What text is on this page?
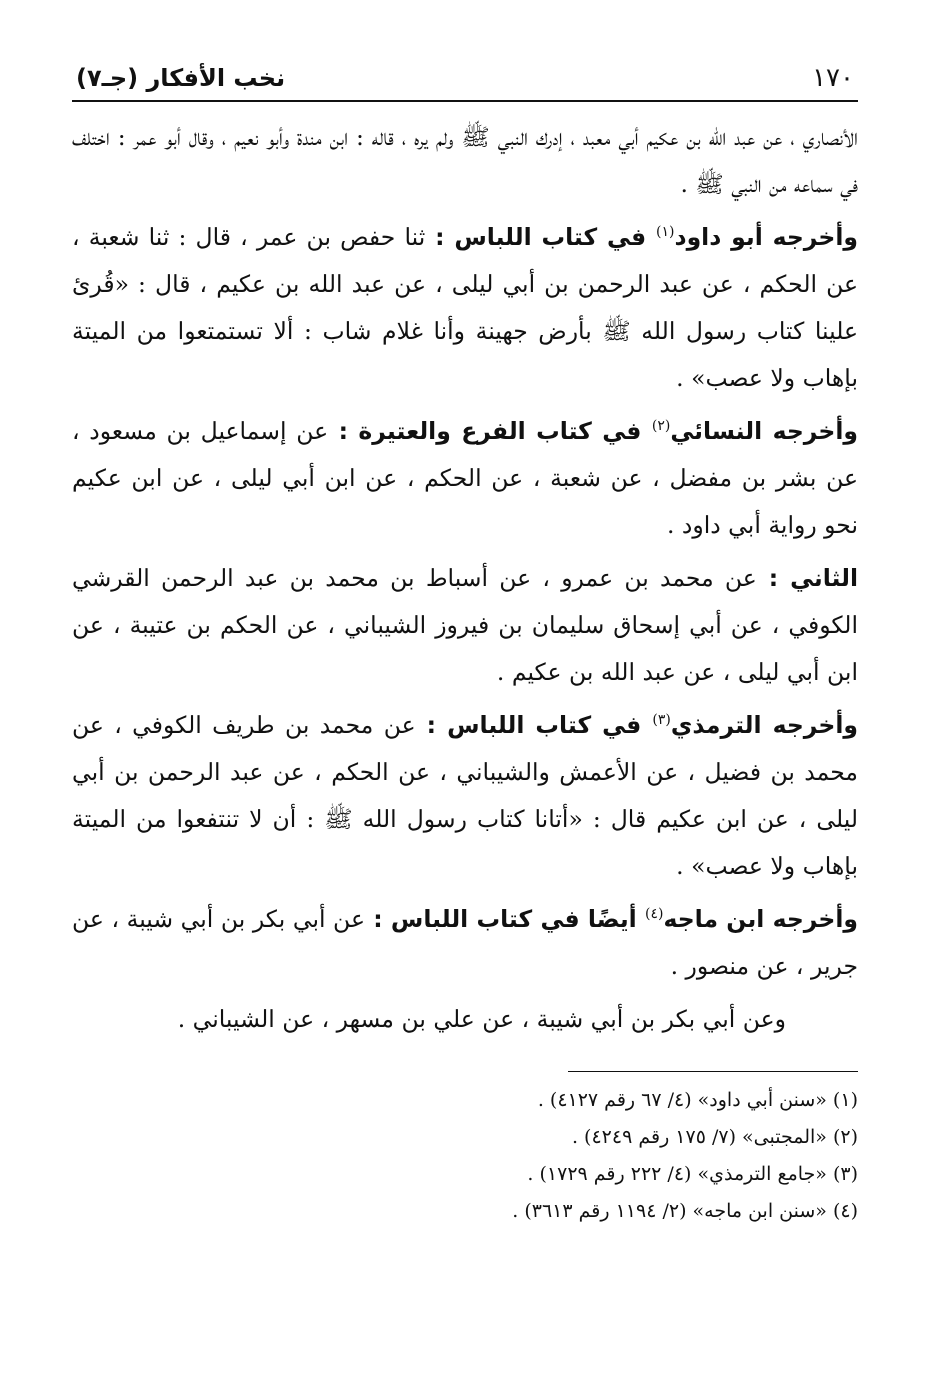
١٧٠
نخب الأفكار (جـ٧)

الأنصاري ، عن عبد الله بن عكيم أبي معبد ، إدرك النبي ﷺ ولم يره ، قاله : ابن مندة وأبو نعيم ، وقال أبو عمر : اختلف في سماعه من النبي ﷺ .

وأخرجه أبو داود$^{(١)}$ في كتاب اللباس : ثنا حفص بن عمر ، قال : ثنا شعبة ، عن الحكم ، عن عبد الرحمن بن أبي ليلى ، عن عبد الله بن عكيم ، قال : «قُرئ علينا كتاب رسول الله ﷺ بأرض جهينة وأنا غلام شاب : ألا تستمتعوا من الميتة بإهاب ولا عصب» .

وأخرجه النسائي$^{(٢)}$ في كتاب الفرع والعتيرة : عن إسماعيل بن مسعود ، عن بشر بن مفضل ، عن شعبة ، عن الحكم ، عن ابن أبي ليلى ، عن ابن عكيم نحو رواية أبي داود .

الثاني : عن محمد بن عمرو ، عن أسباط بن محمد بن عبد الرحمن القرشي الكوفي ، عن أبي إسحاق سليمان بن فيروز الشيباني ، عن الحكم بن عتيبة ، عن ابن أبي ليلى ، عن عبد الله بن عكيم .

وأخرجه الترمذي$^{(٣)}$ في كتاب اللباس : عن محمد بن طريف الكوفي ، عن محمد بن فضيل ، عن الأعمش والشيباني ، عن الحكم ، عن عبد الرحمن بن أبي ليلى ، عن ابن عكيم قال : «أتانا كتاب رسول الله ﷺ : أن لا تنتفعوا من الميتة بإهاب ولا عصب» .

وأخرجه ابن ماجه$^{(٤)}$ أيضًا في كتاب اللباس : عن أبي بكر بن أبي شيبة ، عن جرير ، عن منصور .

وعن أبي بكر بن أبي شيبة ، عن علي بن مسهر ، عن الشيباني .

(١) «سنن أبي داود» (٤/ ٦٧ رقم ٤١٢٧) .
(٢) «المجتبى» (٧/ ١٧٥ رقم ٤٢٤٩) .
(٣) «جامع الترمذي» (٤/ ٢٢٢ رقم ١٧٢٩) .
(٤) «سنن ابن ماجه» (٢/ ١١٩٤ رقم ٣٦١٣) .
